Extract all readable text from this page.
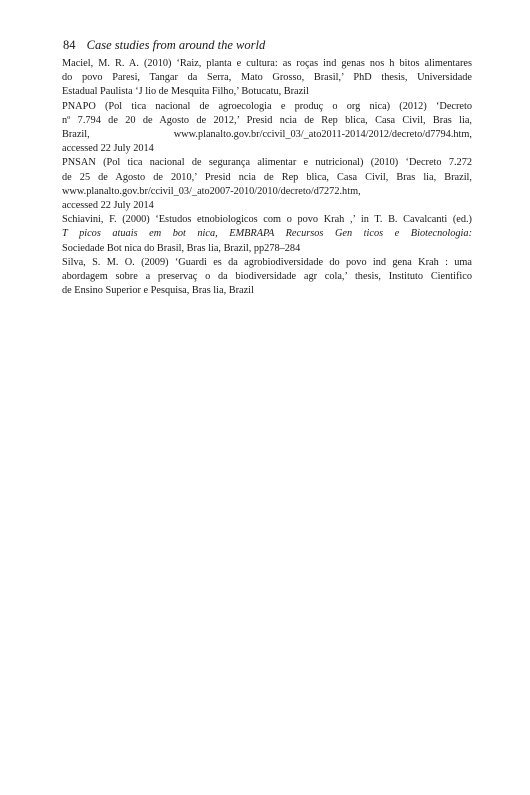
84 Case studies from around the world

Maciel, M. R. A. (2010) ‘Raiz, planta e cultura: as roças ind genas nos h bitos alimentares
do povo Paresi, Tangar da Serra, Mato Grosso, Brasil,’ PhD thesis, Universidade
Estadual Paulista ‘J lio de Mesquita Filho,’ Botucatu, Brazil

PNAPO (Pol tica nacional de agroecologia e produç o org nica) (2012) ‘Decreto
nº 7.794 de 20 de Agosto de 2012,’ Presid ncia de Rep blica, Casa Civil, Bras lia,
Brazil, www.planalto.gov.br/ccivil_03/_ato2011-2014/2012/decreto/d7794.htm,
accessed 22 July 2014

PNSAN (Pol tica nacional de segurança alimentar e nutricional) (2010) ‘Decreto 7.272
de 25 de Agosto de 2010,’ Presid ncia de Rep blica, Casa Civil, Bras lia, Brazil,
www.planalto.gov.br/ccivil_03/_ato2007-2010/2010/decreto/d7272.htm,
accessed 22 July 2014

Schiavini, F. (2000) ‘Estudos etnobiologicos com o povo Krah ,’ in T. B. Cavalcanti (ed.)
T picos atuais em bot nica, EMBRAPA Recursos Gen ticos e Biotecnologia:
Sociedade Bot nica do Brasil, Bras lia, Brazil, pp278–284

Silva, S. M. O. (2009) ‘Guardi es da agrobiodiversidade do povo ind gena Krah : uma
abordagem sobre a preservaç o da biodiversidade agr cola,’ thesis, Instituto Cientifico
de Ensino Superior e Pesquisa, Bras lia, Brazil
